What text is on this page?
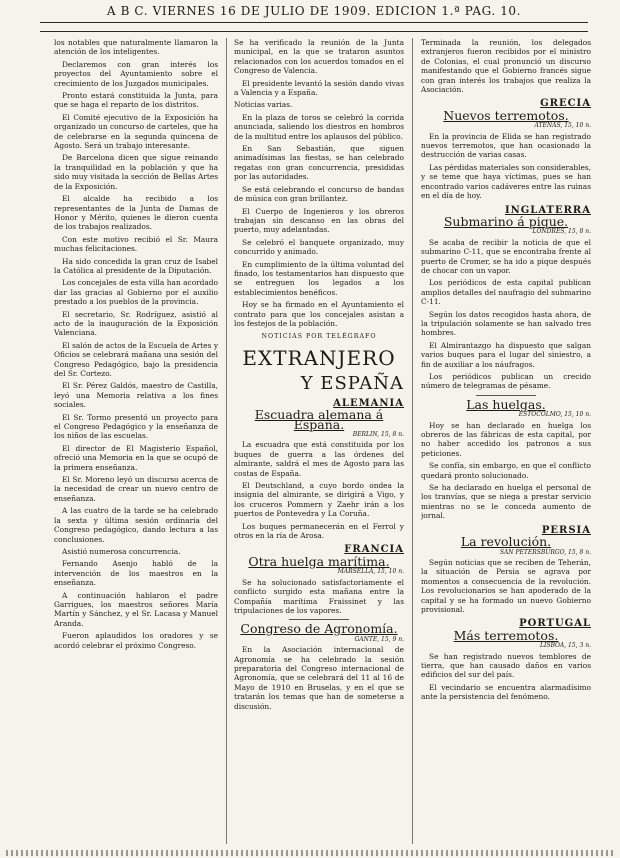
A B C. VIERNES 16 DE JULIO DE 1909. EDICION 1.ª PAG. 10.

los notables que naturalmente llamaron la atención de los inteligentes.

Declaremos con gran interés los proyectos del Ayuntamiento sobre el crecimiento de los Juzgados municipales.

Pronto estará constituida la Junta, para que se haga el reparto de los distritos.

El Comité ejecutivo de la Exposición ha organizado un concurso de carteles, que ha de celebrarse en la segunda quincena de Agosto. Será un trabajo interesante.

De Barcelona dicen que sigue reinando la tranquilidad en la población y que ha sido muy visitada la sección de Bellas Artes de la Exposición.

El alcalde ha recibido a los representantes de la Junta de Damas de Honor y Mérito, quienes le dieron cuenta de los trabajos realizados.

Con este motivo recibió el Sr. Maura muchas felicitaciones.

Ha sido concedida la gran cruz de Isabel la Católica al presidente de la Diputación.

Los concejales de esta villa han acordado dar las gracias al Gobierno por el auxilio prestado a los pueblos de la provincia.

El secretario, Sr. Rodríguez, asistió al acto de la inauguración de la Exposición Valenciana.

El salón de actos de la Escuela de Artes y Oficios se celebrará mañana una sesión del Congreso Pedagógico, bajo la presidencia del Sr. Cortezo.

El Sr. Pérez Galdós, maestro de Castilla, leyó una Memoria relativa a los fines sociales.

El Sr. Tormo presentó un proyecto para el Congreso Pedagógico y la enseñanza de los niños de las escuelas.

El director de El Magisterio Español, ofreció una Memoria en la que se ocupó de la primera enseñanza.

El Sr. Moreno leyó un discurso acerca de la necesidad de crear un nuevo centro de enseñanza.

A las cuatro de la tarde se ha celebrado la sexta y última sesión ordinaria del Congreso pedagógico, dando lectura a las conclusiones.

Asistió numerosa concurrencia.

Fernando Asenjo habló de la intervención de los maestros en la enseñanza.

A continuación hablaron el padre Garrigues, los maestros señores María Martín y Sánchez, y el Sr. Lacasa y Manuel Aranda.

Fueron aplaudidos los oradores y se acordó celebrar el próximo Congreso.

Se ha verificado la reunión de la Junta municipal, en la que se trataron asuntos relacionados con los acuerdos tomados en el Congreso de Valencia.

El presidente levantó la sesión dando vivas a Valencia y a España.

Noticias varias.

En la plaza de toros se celebró la corrida anunciada, saliendo los diestros en hombros de la multitud entre los aplausos del público.

En San Sebastián, que siguen animadísimas las fiestas, se han celebrado regatas con gran concurrencia, presididas por las autoridades.

Se está celebrando el concurso de bandas de música con gran brillantez.

El Cuerpo de Ingenieros y los obreros trabajan sin descanso en las obras del puerto, muy adelantadas.

Se celebró el banquete organizado, muy concurrido y animado.

En cumplimiento de la última voluntad del finado, los testamentarios han dispuesto que se entreguen los legados a los establecimientos benéficos.

Hoy se ha firmado en el Ayuntamiento el contrato para que los concejales asistan a los festejos de la población.

NOTICIAS POR TELÉGRAFO
EXTRANJERO
Y ESPAÑA
ALEMANIA
Escuadra alemana á España.
BERLIN, 15, 8 n.

La escuadra que está constituida por los buques de guerra a las órdenes del almirante, saldrá el mes de Agosto para las costas de España.

El Deutschland, a cuyo bordo ondea la insignia del almirante, se dirigirá a Vigo, y los cruceros Pommern y Zaehr irán a los puertos de Pontevedra y La Coruña.

Los buques permanecerán en el Ferrol y otros en la ría de Arosa.

FRANCIA
Otra huelga marítima.
MARSELLA, 15, 10 n.

Se ha solucionado satisfactoriamente el conflicto surgido esta mañana entre la Compañía marítima Fraissinet y las tripulaciones de los vapores.

Congreso de Agronomía.
GANTE, 15, 9 n.

En la Asociación internacional de Agronomía se ha celebrado la sesión preparatoria del Congreso internacional de Agronomía, que se celebrará del 11 al 16 de Mayo de 1910 en Bruselas, y en el que se tratarán los temas que han de someterse a discusión.

Terminada la reunión, los delegados extranjeros fueron recibidos por el ministro de Colonias, el cual pronunció un discurso manifestando que el Gobierno francés sigue con gran interés los trabajos que realiza la Asociación.

GRECIA
Nuevos terremotos.
ATENAS, 15, 10 n.

En la provincia de Elida se han registrado nuevos terremotos, que han ocasionado la destrucción de varias casas.

Las pérdidas materiales son considerables, y se teme que haya víctimas, pues se han encontrado varios cadáveres entre las ruinas en el día de hoy.

INGLATERRA
Submarino á pique.
LONDRES, 15, 8 n.

Se acaba de recibir la noticia de que el submarino C-11, que se encontraba frente al puerto de Cromer, se ha ido a pique después de chocar con un vapor.

Los periódicos de esta capital publican amplios detalles del naufragio del submarino C-11.

Según los datos recogidos hasta ahora, de la tripulación solamente se han salvado tres hombres.

El Almirantazgo ha dispuesto que salgan varios buques para el lugar del siniestro, a fin de auxiliar a los náufragos.

Los periódicos publican un crecido número de telegramas de pésame.

Las huelgas.
ESTOCOLMO, 15, 10 n.

Hoy se han declarado en huelga los obreros de las fábricas de esta capital, por no haber accedido los patronos a sus peticiones.

Se confía, sin embargo, en que el conflicto quedará pronto solucionado.

Se ha declarado en huelga el personal de los tranvías, que se niega a prestar servicio mientras no se le conceda aumento de jornal.

PERSIA
La revolución.
SAN PETERSBURGO, 15, 8 n.

Según noticias que se reciben de Teherán, la situación de Persia se agrava por momentos a consecuencia de la revolución. Los revolucionarios se han apoderado de la capital y se ha formado un nuevo Gobierno provisional.

PORTUGAL
Más terremotos.
LISBOA, 15, 3 n.

Se han registrado nuevos temblores de tierra, que han causado daños en varios edificios del sur del país.

El vecindario se encuentra alarmadísimo ante la persistencia del fenómeno.
